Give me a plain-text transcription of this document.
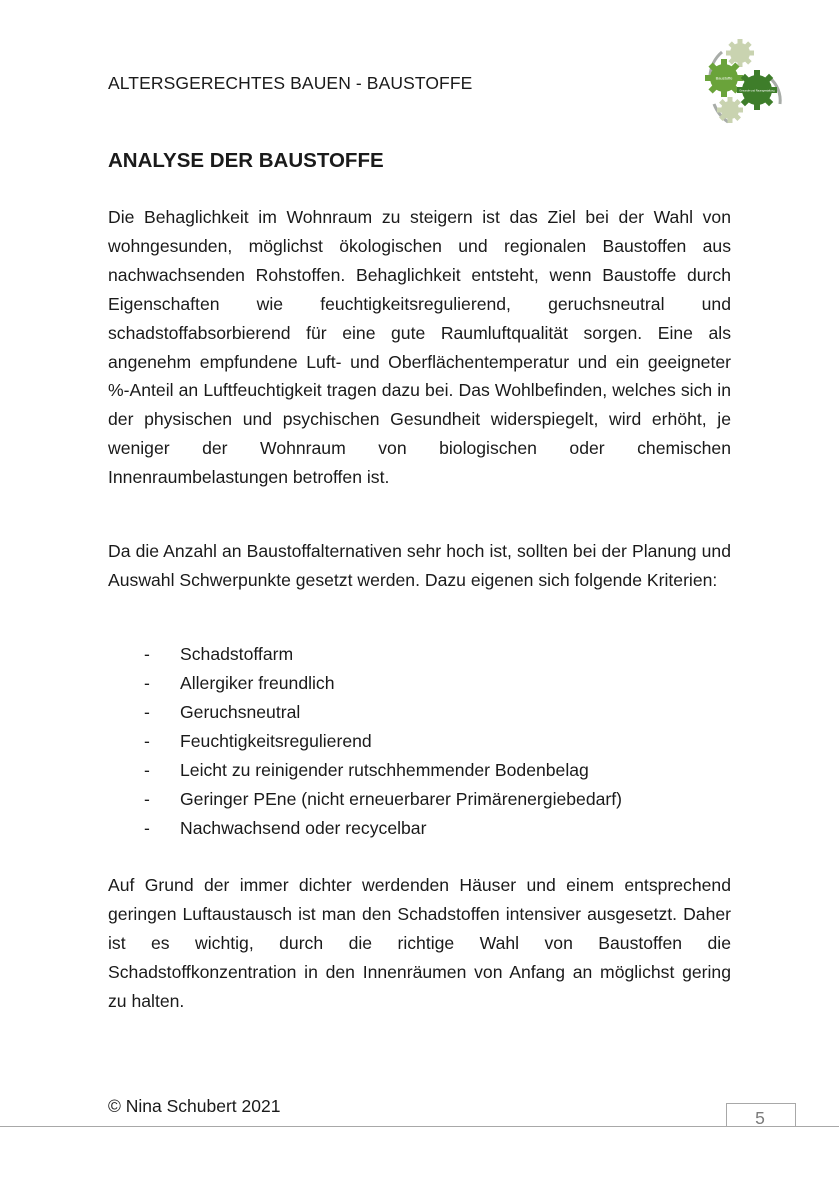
ALTERSGERECHTES BAUEN - BAUSTOFFE	Baustoffe
Gesunde und Raumgestaltung
ANALYSE DER BAUSTOFFE

Die Behaglichkeit im Wohnraum zu steigern ist das Ziel bei der Wahl von wohngesunden, möglichst ökologischen und regionalen Baustoffen aus nachwachsenden Rohstoffen. Behaglichkeit entsteht, wenn Baustoffe durch Eigenschaften wie feuchtigkeitsregulierend, geruchsneutral und schadstoffabsorbierend für eine gute Raumluftqualität sorgen. Eine als angenehm empfundene Luft- und Oberflächentemperatur und ein geeigneter %-Anteil an Luftfeuchtigkeit tragen dazu bei. Das Wohlbefinden, welches sich in der physischen und psychischen Gesundheit widerspiegelt, wird erhöht, je weniger der Wohnraum von biologischen oder chemischen Innenraumbelastungen betroffen ist.

Da die Anzahl an Baustoffalternativen sehr hoch ist, sollten bei der Planung und Auswahl Schwerpunkte gesetzt werden. Dazu eigenen sich folgende Kriterien:

- Schadstoffarm
- Allergiker freundlich
- Geruchsneutral
- Feuchtigkeitsregulierend
- Leicht zu reinigender rutschhemmender Bodenbelag
- Geringer PEne (nicht erneuerbarer Primärenergiebedarf)
- Nachwachsend oder recycelbar

Auf Grund der immer dichter werdenden Häuser und einem entsprechend geringen Luftaustausch ist man den Schadstoffen intensiver ausgesetzt. Daher ist es wichtig, durch die richtige Wahl von Baustoffen die Schadstoffkonzentration in den Innenräumen von Anfang an möglichst gering zu halten.

© Nina Schubert 2021
5
